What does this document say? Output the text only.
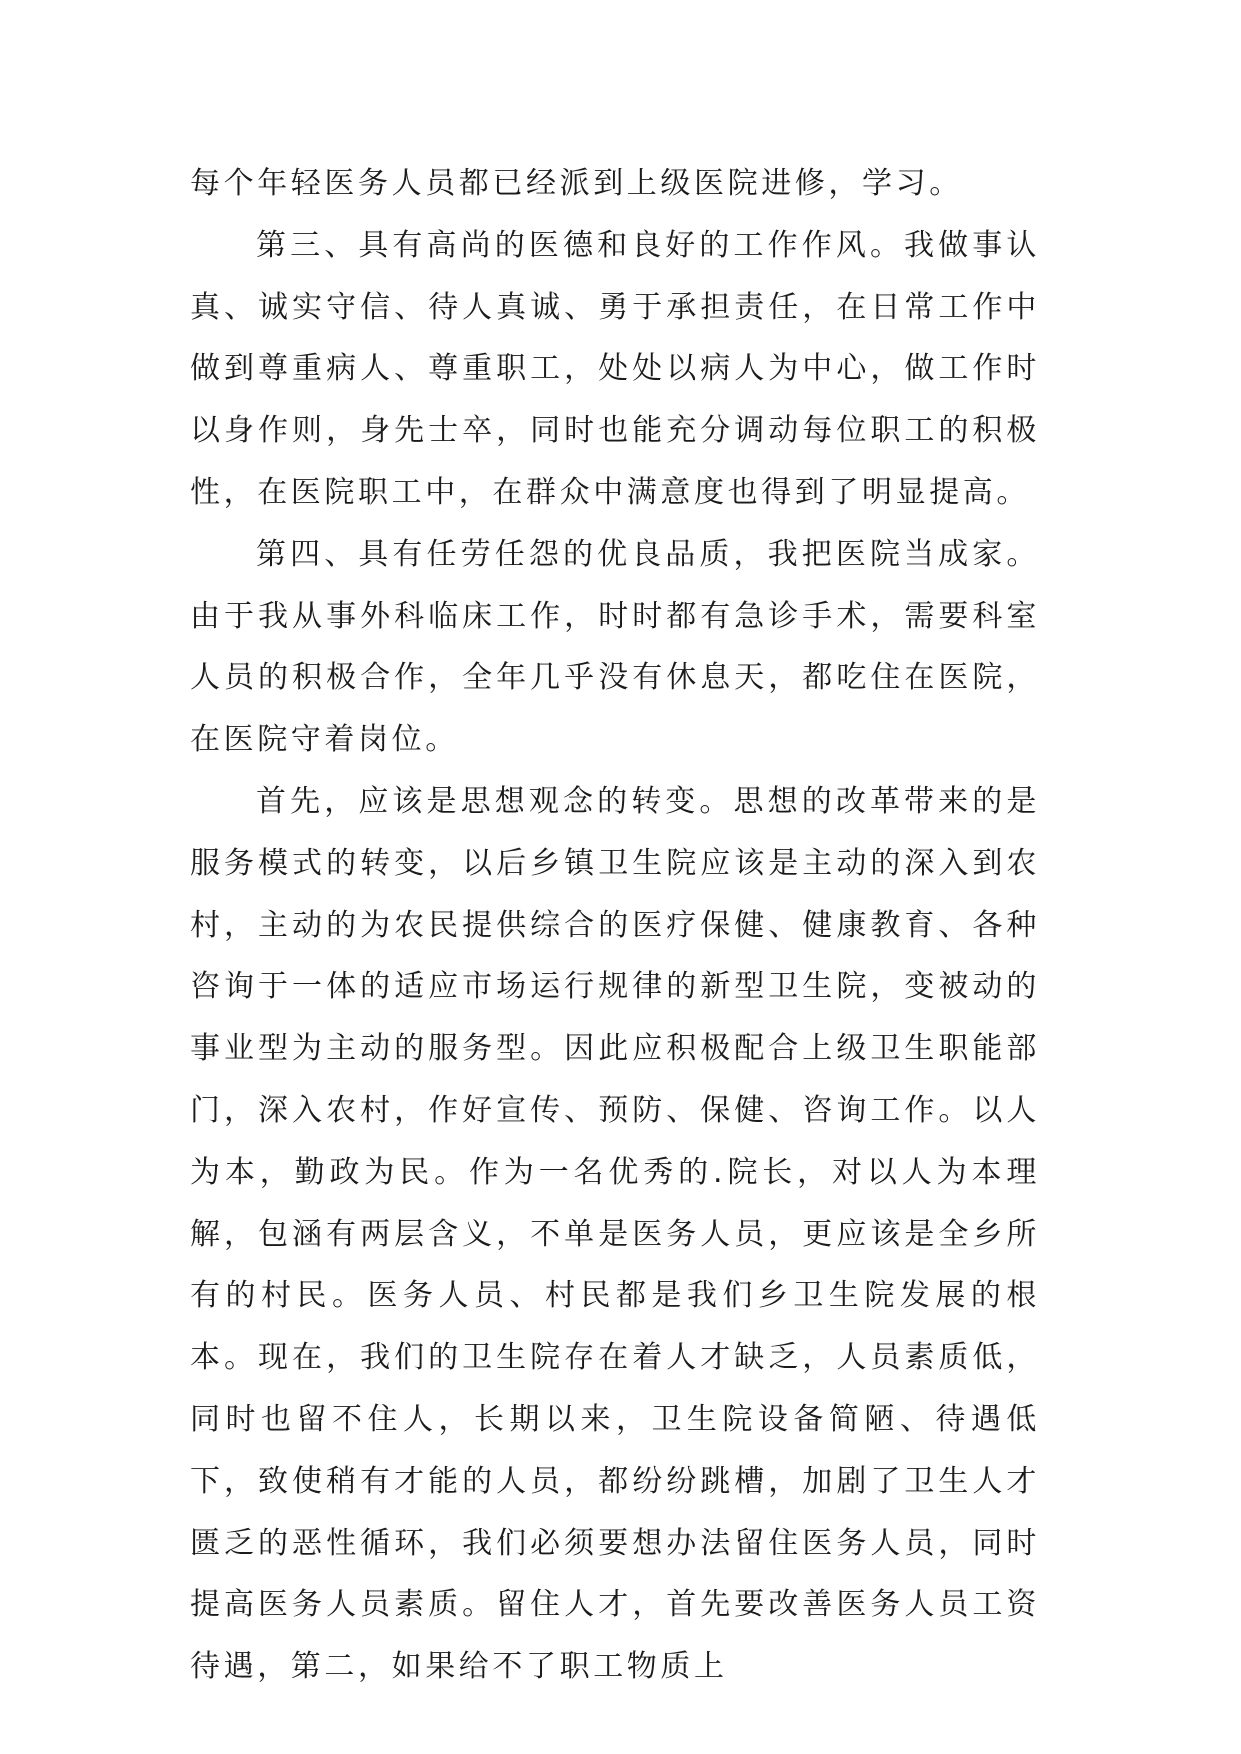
每个年轻医务人员都已经派到上级医院进修，学习。

第三、具有高尚的医德和良好的工作作风。我做事认真、诚实守信、待人真诚、勇于承担责任，在日常工作中做到尊重病人、尊重职工，处处以病人为中心，做工作时以身作则，身先士卒，同时也能充分调动每位职工的积极性，在医院职工中，在群众中满意度也得到了明显提高。

第四、具有任劳任怨的优良品质，我把医院当成家。由于我从事外科临床工作，时时都有急诊手术，需要科室人员的积极合作，全年几乎没有休息天，都吃住在医院，在医院守着岗位。

首先，应该是思想观念的转变。思想的改革带来的是服务模式的转变，以后乡镇卫生院应该是主动的深入到农村，主动的为农民提供综合的医疗保健、健康教育、各种咨询于一体的适应市场运行规律的新型卫生院，变被动的事业型为主动的服务型。因此应积极配合上级卫生职能部门，深入农村，作好宣传、预防、保健、咨询工作。以人为本，勤政为民。作为一名优秀的.院长，对以人为本理解，包涵有两层含义，不单是医务人员，更应该是全乡所有的村民。医务人员、村民都是我们乡卫生院发展的根本。现在，我们的卫生院存在着人才缺乏，人员素质低，同时也留不住人，长期以来，卫生院设备简陋、待遇低下，致使稍有才能的人员，都纷纷跳槽，加剧了卫生人才匮乏的恶性循环，我们必须要想办法留住医务人员，同时提高医务人员素质。留住人才，首先要改善医务人员工资待遇，第二，如果给不了职工物质上
